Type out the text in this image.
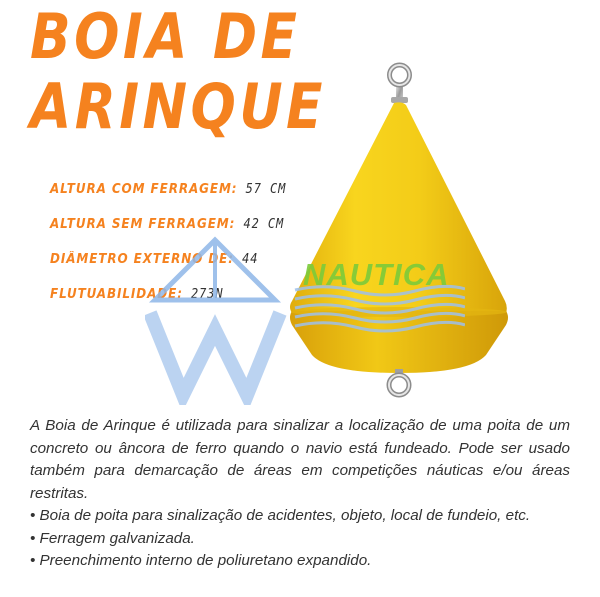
BOIA DE
ARINQUE
ALTURA COM FERRAGEM: 57 CM
ALTURA SEM FERRAGEM: 42 CM
DIÂMETRO EXTERNO DE: 44
FLUTUABILIDADE: 273N
NAUTICA

A Boia de Arinque é utilizada para sinalizar a localização de uma poita de um concreto ou âncora de ferro quando o navio está fundeado. Pode ser usado também para demarcação de áreas em competições náuticas e/ou áreas restritas.

• Boia de poita para sinalização de acidentes, objeto, local de fundeio, etc.
• Ferragem galvanizada.
• Preenchimento interno de poliuretano expandido.
